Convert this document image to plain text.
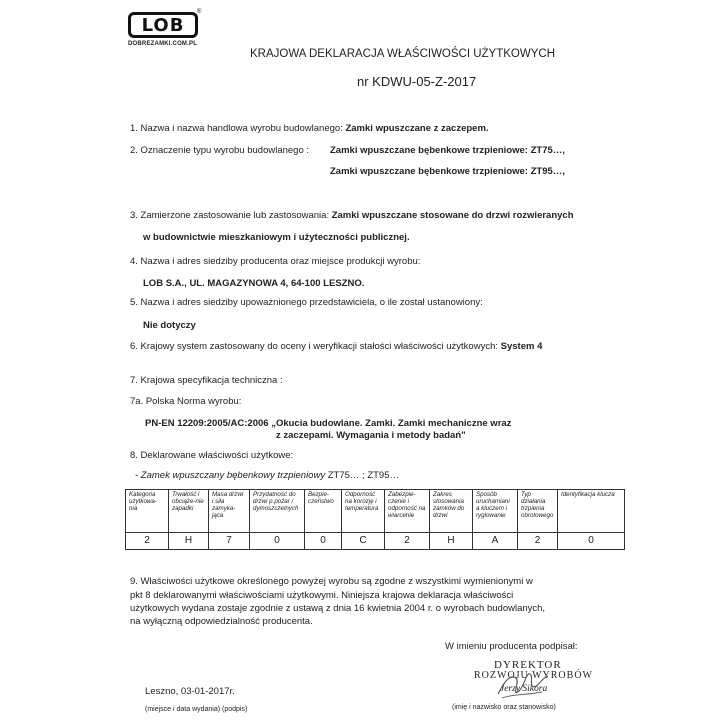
LOB
®
DOBREZAMKI.COM.PL
KRAJOWA DEKLARACJA WŁAŚCIWOŚCI UŻYTKOWYCH
nr KDWU-05-Z-2017
1. Nazwa i nazwa handlowa wyrobu budowlanego: Zamki wpuszczane z zaczepem.
2. Oznaczenie typu wyrobu budowlanego : Zamki wpuszczane bębenkowe trzpieniowe: ZT75…,
Zamki wpuszczane bębenkowe trzpieniowe: ZT95…,
3. Zamierzone zastosowanie lub zastosowania: Zamki wpuszczane stosowane do drzwi rozwieranych
w budownictwie mieszkaniowym i użyteczności publicznej.
4. Nazwa i adres siedziby producenta oraz miejsce produkcji wyrobu:
LOB S.A., UL. MAGAZYNOWA 4, 64-100 LESZNO.
5. Nazwa i adres siedziby upoważnionego przedstawiciela, o ile został ustanowiony:
Nie dotyczy
6. Krajowy system zastosowany do oceny i weryfikacji stałości właściwości użytkowych: System 4
7. Krajowa specyfikacja techniczna :
7a. Polska Norma wyrobu:
PN-EN 12209:2005/AC:2006 „Okucia budowlane. Zamki. Zamki mechaniczne wraz
z zaczepami. Wymagania i metody badań"
8. Deklarowane właściwości użytkowe:
- Zamek wpuszczany bębenkowy trzpieniowy ZT75… ; ZT95…
Kategoria użytkowa-nia	Trwałość i obciąże-nie zapadki	Masa drzwi i siła zamyka-jąca	Przydatność do drzwi p.pożar / dymoszczelnych	Bezpie-czeństwo	Odporność na korozję i temperatura	Zabezpie-czenie i odporność na wiarcenie	Zakres stosowania zamków do drzwi	Sposób uruchamiani a kluczem i ryglowanie	Typ działania trzpienia obrotowego	Identyfikacja klucza
2	H	7	0	0	C	2	H	A	2	0
9. Właściwości użytkowe określonego powyżej wyrobu są zgodne z wszystkimi wymienionymi w
pkt 8 deklarowanymi właściwościami użytkowymi. Niniejsza krajowa deklaracja właściwości
użytkowych wydana zostaje zgodnie z ustawą z dnia 16 kwietnia 2004 r. o wyrobach budowlanych,
na wyłączną odpowiedzialność producenta.
W imieniu producenta podpisał:
DYREKTOR
ROZWOJU WYROBÓW
Jerzy Sikora
Leszno, 03-01-2017r.
(miejsce i data wydania) (podpis)	(imię i nazwisko oraz stanowisko)
